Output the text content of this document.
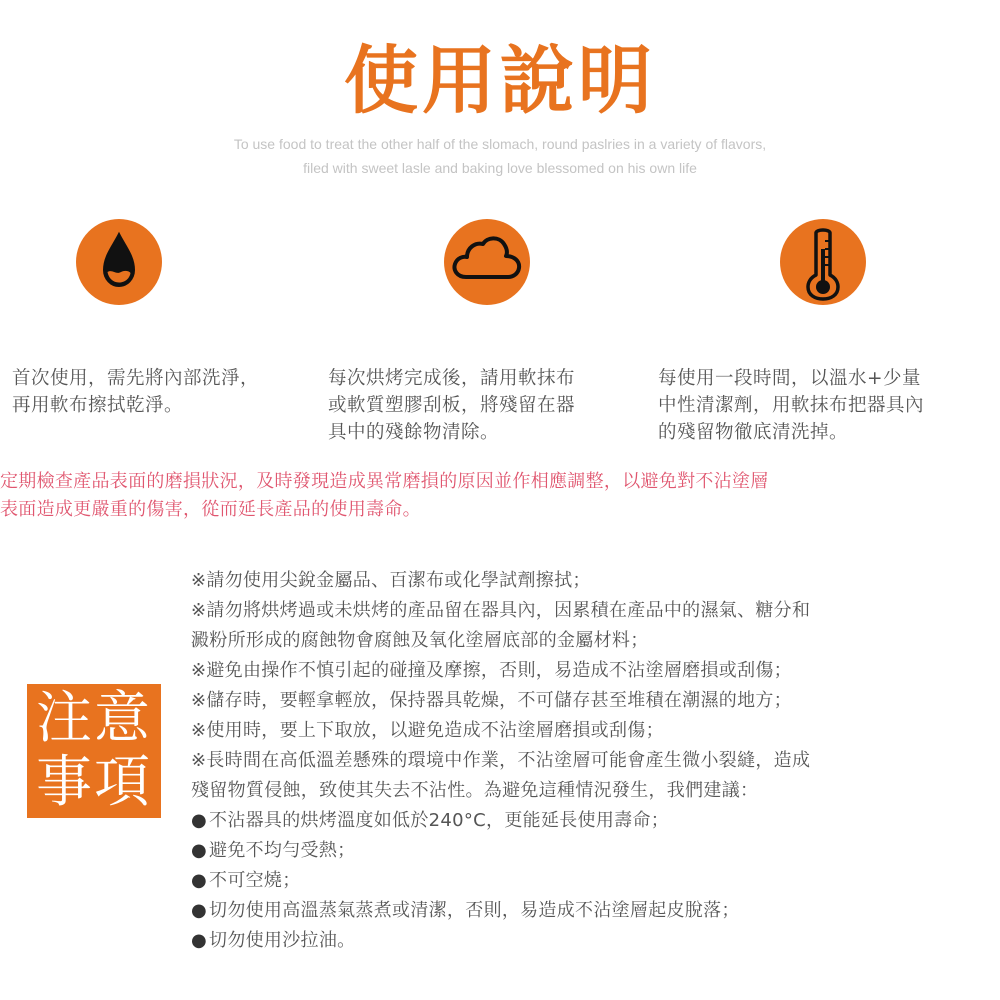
使用說明
To use food to treat the other half of the slomach, round paslries in a variety of flavors,
filed with sweet lasle and baking love blessomed on his own life
首次使用，需先將內部洗淨，
再用軟布擦拭乾淨。
每次烘烤完成後，請用軟抹布
或軟質塑膠刮板，將殘留在器
具中的殘餘物清除。
每使用一段時間，以溫水+少量
中性清潔劑，用軟抹布把器具內
的殘留物徹底清洗掉。
定期檢查產品表面的磨損狀況，及時發現造成異常磨損的原因並作相應調整，以避免對不沾塗層
表面造成更嚴重的傷害，從而延長產品的使用壽命。
注意
事項
※請勿使用尖銳金屬品、百潔布或化學試劑擦拭；
※請勿將烘烤過或未烘烤的產品留在器具內，因累積在產品中的濕氣、糖分和
澱粉所形成的腐蝕物會腐蝕及氧化塗層底部的金屬材料；
※避免由操作不慎引起的碰撞及摩擦，否則，易造成不沾塗層磨損或刮傷；
※儲存時，要輕拿輕放，保持器具乾燥，不可儲存甚至堆積在潮濕的地方；
※使用時，要上下取放，以避免造成不沾塗層磨損或刮傷；
※長時間在高低溫差懸殊的環境中作業，不沾塗層可能會產生微小裂縫，造成
殘留物質侵蝕，致使其失去不沾性。為避免這種情況發生，我們建議：
● 不沾器具的烘烤溫度如低於240°C，更能延長使用壽命；
● 避免不均勻受熱；
● 不可空燒；
● 切勿使用高溫蒸氣蒸煮或清潔，否則，易造成不沾塗層起皮脫落；
● 切勿使用沙拉油。
